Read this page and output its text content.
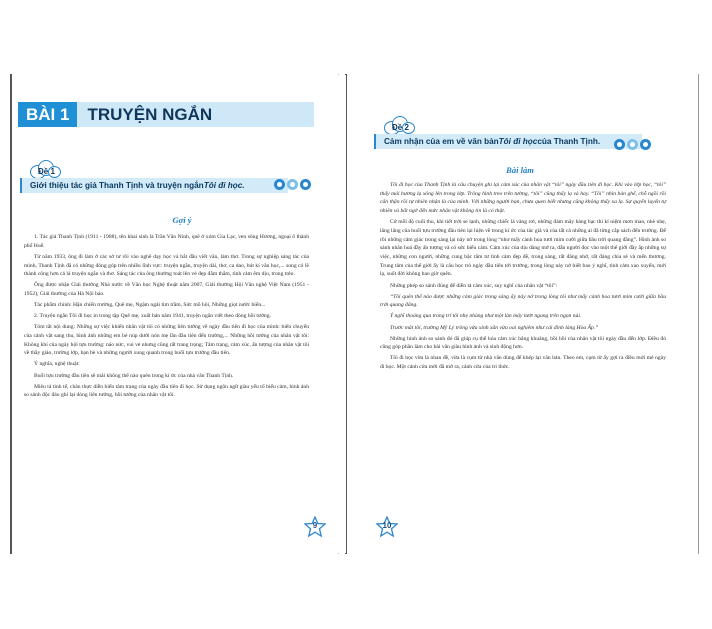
BÀI 1	TRUYỆN NGẮN
Đề 1
Giới thiệu tác giả Thanh Tịnh và truyện ngắn Tôi đi học.
Gợi ý

1. Tác giả Thanh Tịnh (1911 - 1988), tên khai sinh là Trần Văn Ninh, quê ở xóm Gia Lạc, ven sông Hương, ngoại ô thành phố Huế.

Từ năm 1933, ông đi làm ở các sở tư rồi vào nghề dạy học và bắt đầu viết văn, làm thơ. Trong sự nghiệp sáng tác của mình, Thanh Tịnh đã có những đóng góp trên nhiều lĩnh vực: truyện ngắn, truyện dài, thơ, ca dao, bút kí văn học,... song có lẽ thành công hơn cả là truyện ngắn và thơ. Sáng tác của ông thường toát lên vẻ đẹp đằm thắm, tình cảm êm dịu, trong trẻo.

Ông được nhận Giải thưởng Nhà nước về Văn học Nghệ thuật năm 2007, Giải thưởng Hội Văn nghệ Việt Nam (1951 - 1952), Giải thưởng của Hà Nội báo.

Tác phẩm chính: Hận chiến trường, Quê mẹ, Ngậm ngải tìm trầm, Sức mồ hôi, Những giọt nước biển...

2. Truyện ngắn Tôi đi học in trong tập Quê mẹ, xuất bản năm 1941, truyện ngắn viết theo dòng hồi tưởng.

Tóm tắt nội dung: Những sự việc khiến nhân vật tôi có những liên tưởng về ngày đầu tiên đi học của mình: biến chuyển của cảnh vật sang thu, hình ảnh những em bé núp dưới nón mẹ lần đầu tiên đến trường,... Những hồi tưởng của nhân vật tôi: Không khí của ngày hội tựu trường: náo nức, vui vẻ nhưng cũng rất trang trọng; Tâm trạng, cảm xúc, ấn tượng của nhân vật tôi về thầy giáo, trường lớp, bạn bè và những người xung quanh trong buổi tựu trường đầu tiên.

Ý nghĩa, nghệ thuật:

Buổi tựu trường đầu tiên sẽ mãi không thể nào quên trong kí ức của nhà văn Thanh Tịnh.

Miêu tả tinh tế, chân thực diễn biến tâm trạng của ngày đầu tiên đi học. Sử dụng ngôn ngữ giàu yếu tố biểu cảm, hình ảnh so sánh độc đáo ghi lại dòng liên tưởng, hồi tưởng của nhân vật tôi.

9
Đề 2
Cảm nhận của em về văn bản Tôi đi học của Thanh Tịnh.
Bài làm

Tôi đi học của Thanh Tịnh là câu chuyện ghi lại cảm xúc của nhân vật “tôi” ngày đầu tiên đi học. Khi vào lớp học, “tôi” thấy mái hương lạ xông lên trong lớp. Trông hình treo trên tường, “tôi” cũng thấy lạ và hay. “Tôi” nhìn bàn ghế, chỗ ngồi rồi cẩn thận rồi tự nhiên nhận là của mình. Với những người bạn, chưa quen biết nhưng cũng không thấy xa lạ. Sự quyến luyến tự nhiên và bất ngờ đến mức nhân vật không tin là có thật.

Cứ mỗi độ cuối thu, khi tiết trời se lạnh, những chiếc lá vàng rơi, những đám mây bàng bạc thì kỉ niệm mơn man, nhè nhẹ, lâng lâng của buổi tựu trường đầu tiên lại hiện về trong kí ức của tác giả và của tất cả những ai đã từng cắp sách đến trường. Để rồi những cảm giác trong sáng lại nảy nở trong lòng “như mấy cành hoa tươi mỉm cười giữa bầu trời quang đãng”. Hình ảnh so sánh nhân hoá đầy ấn tượng và có sức biểu cảm. Cảm xúc của dịu dàng mở ra, dẫn người đọc vào một thế giới đầy ắp những sự việc, những con người, những cung bậc tâm tư tình cảm đẹp đẽ, trong sáng, rất đáng nhớ, rất đáng chia sẻ và mến thương. Trung tâm của thế giới ấy là câu học trò ngày đầu tiên tới trường, trong lòng nảy nở biết bao ý nghĩ, tình cảm xao xuyến, mới lạ, suốt đời không bao giờ quên.

Những phép so sánh đúng để diễn tả cảm xúc, suy nghĩ của nhân vật “tôi”:

“Tôi quên thế nào được những cảm giác trong sáng ấy nảy nở trong lòng tôi như mấy cành hoa tươi mỉm cười giữa bầu trời quang đãng.

Ý nghĩ thoáng qua trong trí tôi nhẹ nhàng như một làn mây lướt ngang trên ngọn núi.

Trước mắt tôi, trường Mỹ Lý trông vừa xinh xắn vừa oai nghiêm như cái đình làng Hòa Ấp.”

Những hình ảnh so sánh đó đã giúp cụ thể hóa cảm xúc bâng khuâng, bồi hồi của nhân vật tôi ngày đầu đến lớp. Điều đó cũng góp phần làm cho bài văn giàu hình ảnh và sinh động hơn.

Tôi đi học vừa là nhan đề, vừa là cụm từ nhà văn dùng để khép lại văn bản. Theo em, cụm từ ấy gợi ra điều mới mẻ ngày đi học. Một cảnh cửa mới đã mở ra, cảnh cửa của tri thức.

10
